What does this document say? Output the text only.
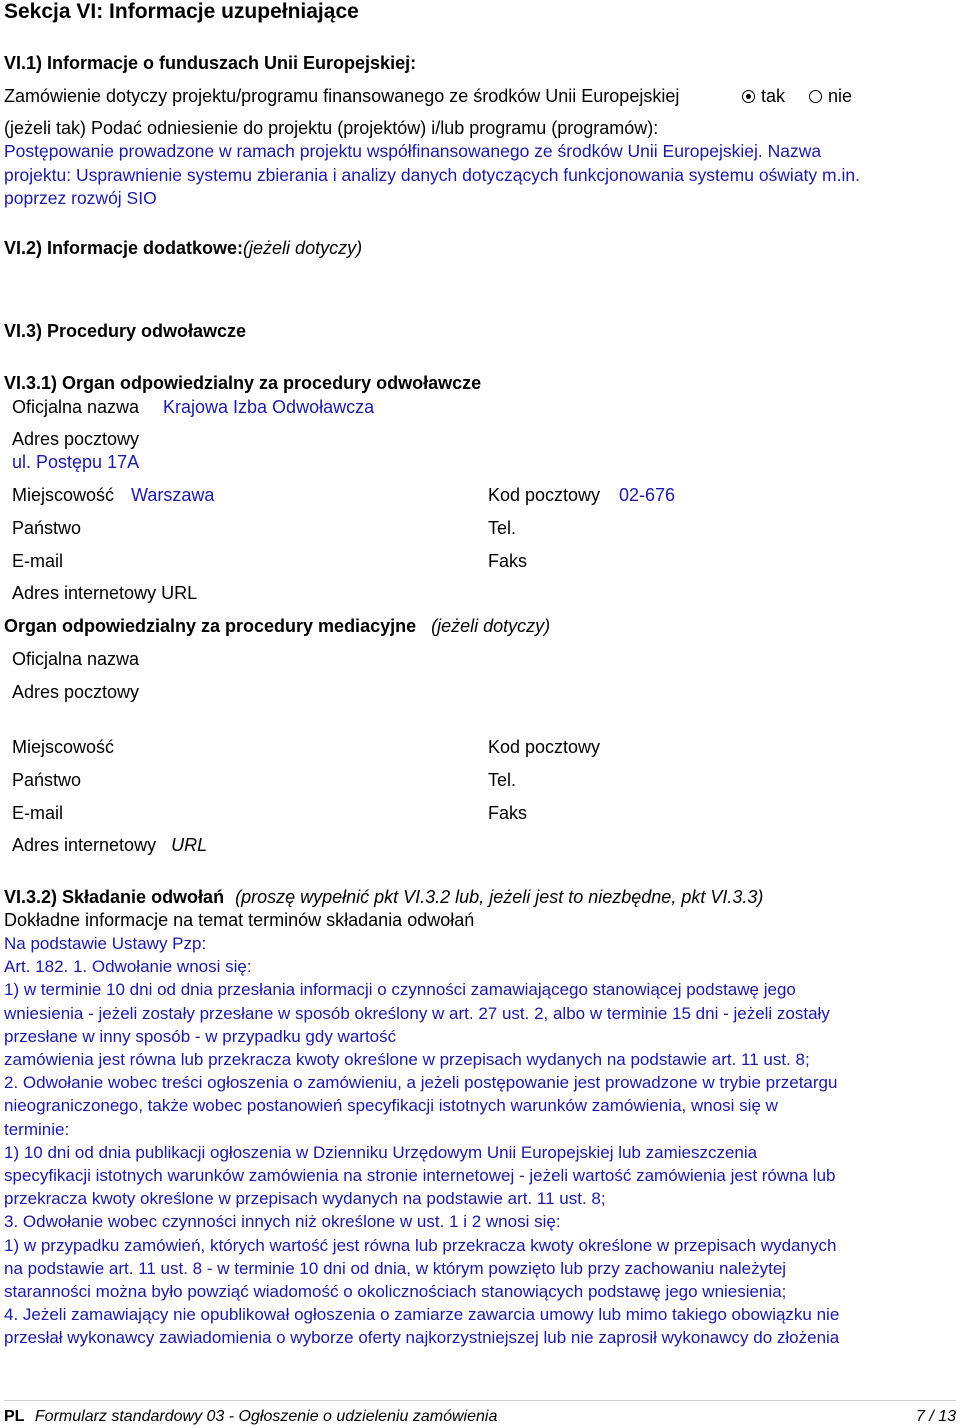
Sekcja VI: Informacje uzupełniające
VI.1) Informacje o funduszach Unii Europejskiej:
Zamówienie dotyczy projektu/programu finansowanego ze środków Unii Europejskiej	tak nie
(jeżeli tak) Podać odniesienie do projektu (projektów) i/lub programu (programów):
Postępowanie prowadzone w ramach projektu współfinansowanego ze środków Unii Europejskiej. Nazwa
projektu: Usprawnienie systemu zbierania i analizy danych dotyczących funkcjonowania systemu oświaty m.in.
poprzez rozwój SIO
VI.2) Informacje dodatkowe:(jeżeli dotyczy)
VI.3) Procedury odwoławcze
VI.3.1) Organ odpowiedzialny za procedury odwoławcze
Oficjalna nazwa Krajowa Izba Odwoławcza
Adres pocztowy
ul. Postępu 17A
Miejscowość Warszawa	Kod pocztowy 02-676
Państwo	Tel.
E-mail	Faks
Adres internetowy URL
Organ odpowiedzialny za procedury mediacyjne (jeżeli dotyczy)
Oficjalna nazwa
Adres pocztowy
Miejscowość	Kod pocztowy
Państwo	Tel.
E-mail	Faks
Adres internetowy URL
VI.3.2) Składanie odwołań (proszę wypełnić pkt VI.3.2 lub, jeżeli jest to niezbędne, pkt VI.3.3)
Dokładne informacje na temat terminów składania odwołań
Na podstawie Ustawy Pzp:
Art. 182. 1. Odwołanie wnosi się:
1) w terminie 10 dni od dnia przesłania informacji o czynności zamawiającego stanowiącej podstawę jego
wniesienia - jeżeli zostały przesłane w sposób określony w art. 27 ust. 2, albo w terminie 15 dni - jeżeli zostały
przesłane w inny sposób - w przypadku gdy wartość
zamówienia jest równa lub przekracza kwoty określone w przepisach wydanych na podstawie art. 11 ust. 8;
2. Odwołanie wobec treści ogłoszenia o zamówieniu, a jeżeli postępowanie jest prowadzone w trybie przetargu
nieograniczonego, także wobec postanowień specyfikacji istotnych warunków zamówienia, wnosi się w
terminie:
1) 10 dni od dnia publikacji ogłoszenia w Dzienniku Urzędowym Unii Europejskiej lub zamieszczenia
specyfikacji istotnych warunków zamówienia na stronie internetowej - jeżeli wartość zamówienia jest równa lub
przekracza kwoty określone w przepisach wydanych na podstawie art. 11 ust. 8;
3. Odwołanie wobec czynności innych niż określone w ust. 1 i 2 wnosi się:
1) w przypadku zamówień, których wartość jest równa lub przekracza kwoty określone w przepisach wydanych
na podstawie art. 11 ust. 8 - w terminie 10 dni od dnia, w którym powzięto lub przy zachowaniu należytej
staranności można było powziąć wiadomość o okolicznościach stanowiących podstawę jego wniesienia;
4. Jeżeli zamawiający nie opublikował ogłoszenia o zamiarze zawarcia umowy lub mimo takiego obowiązku nie
przesłał wykonawcy zawiadomienia o wyborze oferty najkorzystniejszej lub nie zaprosił wykonawcy do złożenia
PL Formularz standardowy 03 - Ogłoszenie o udzieleniu zamówienia	7 / 13
